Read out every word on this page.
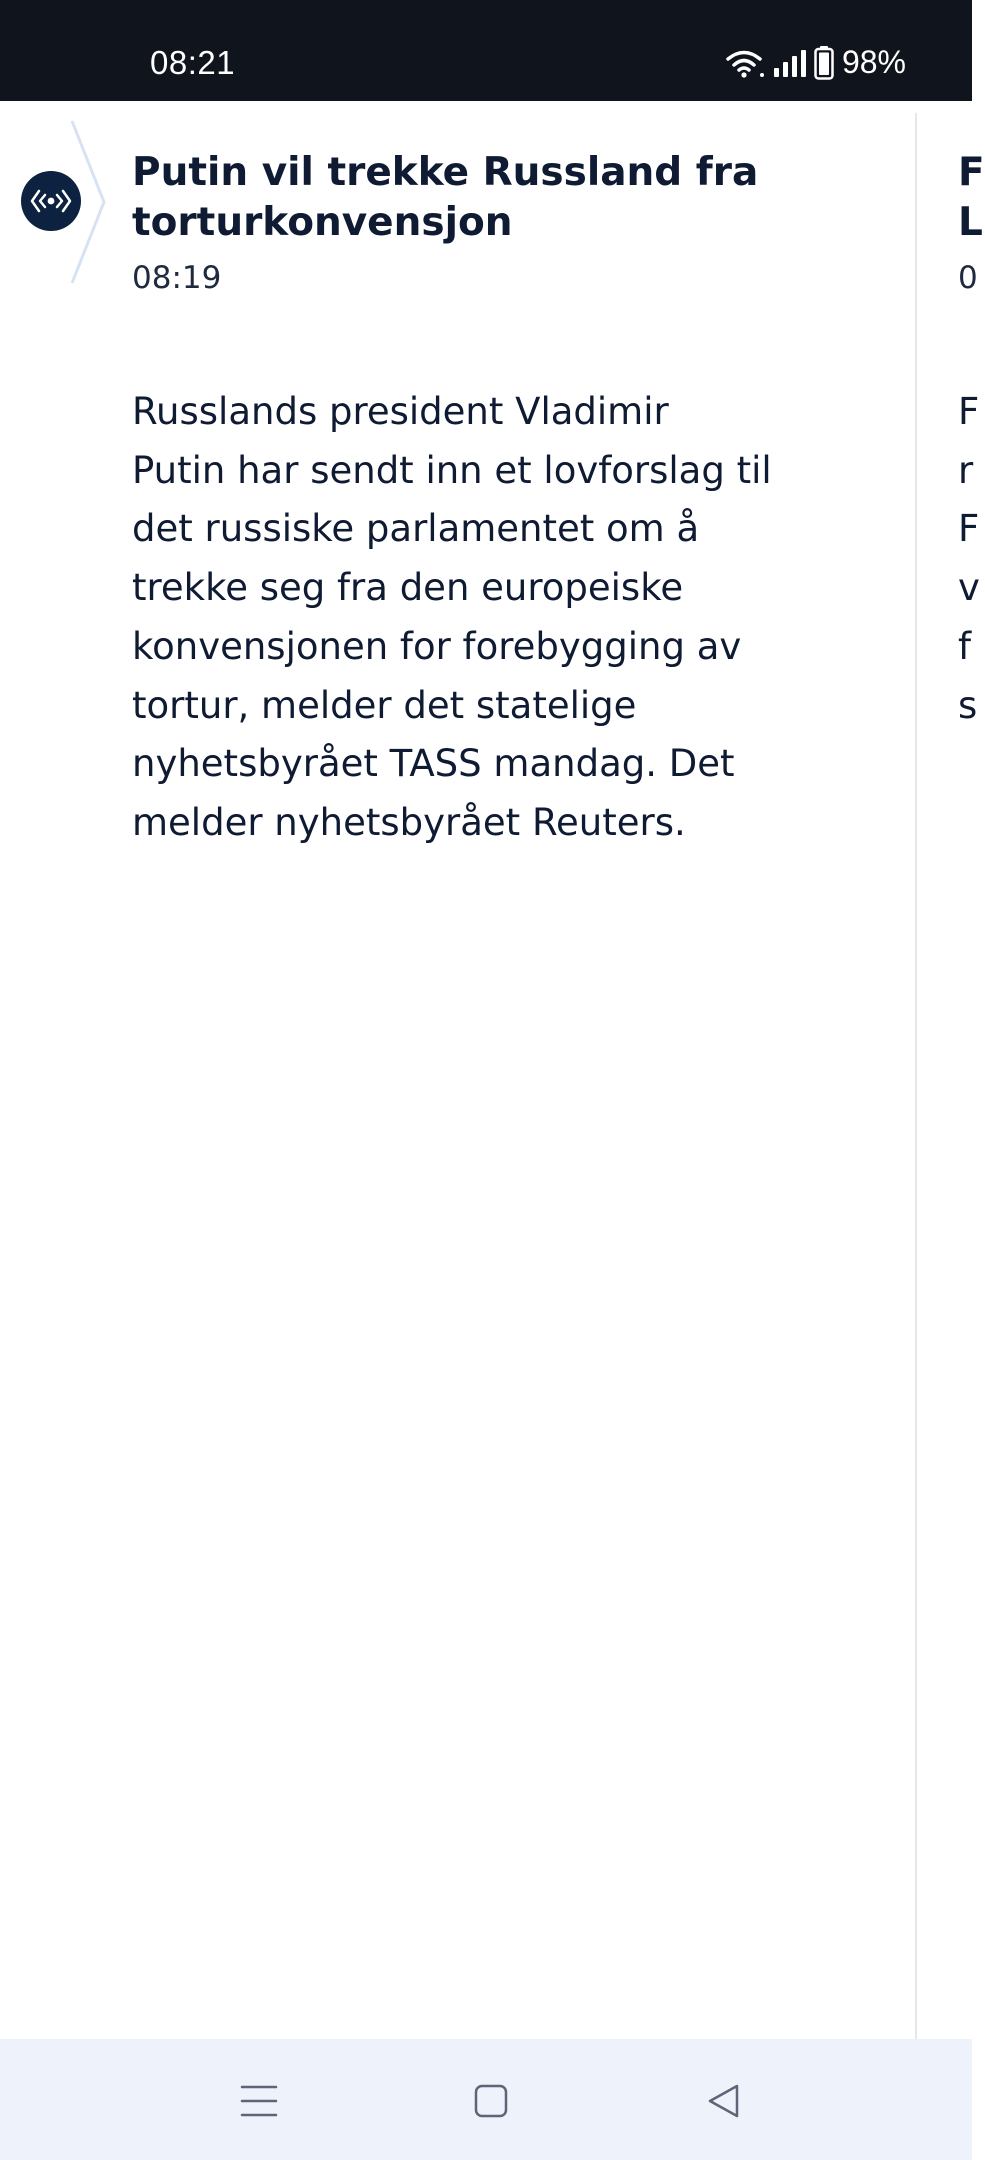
08:21	98%
Putin vil trekke Russland fra torturkonvensjon
08:19

Russlands president Vladimir Putin har sendt inn et lovforslag til det russiske parlamentet om å trekke seg fra den europeiske konvensjonen for forebygging av tortur, melder det statelige nyhetsbyrået TASS mandag. Det melder nyhetsbyrået Reuters.

F
L
0
F
r
F
v
f
s
